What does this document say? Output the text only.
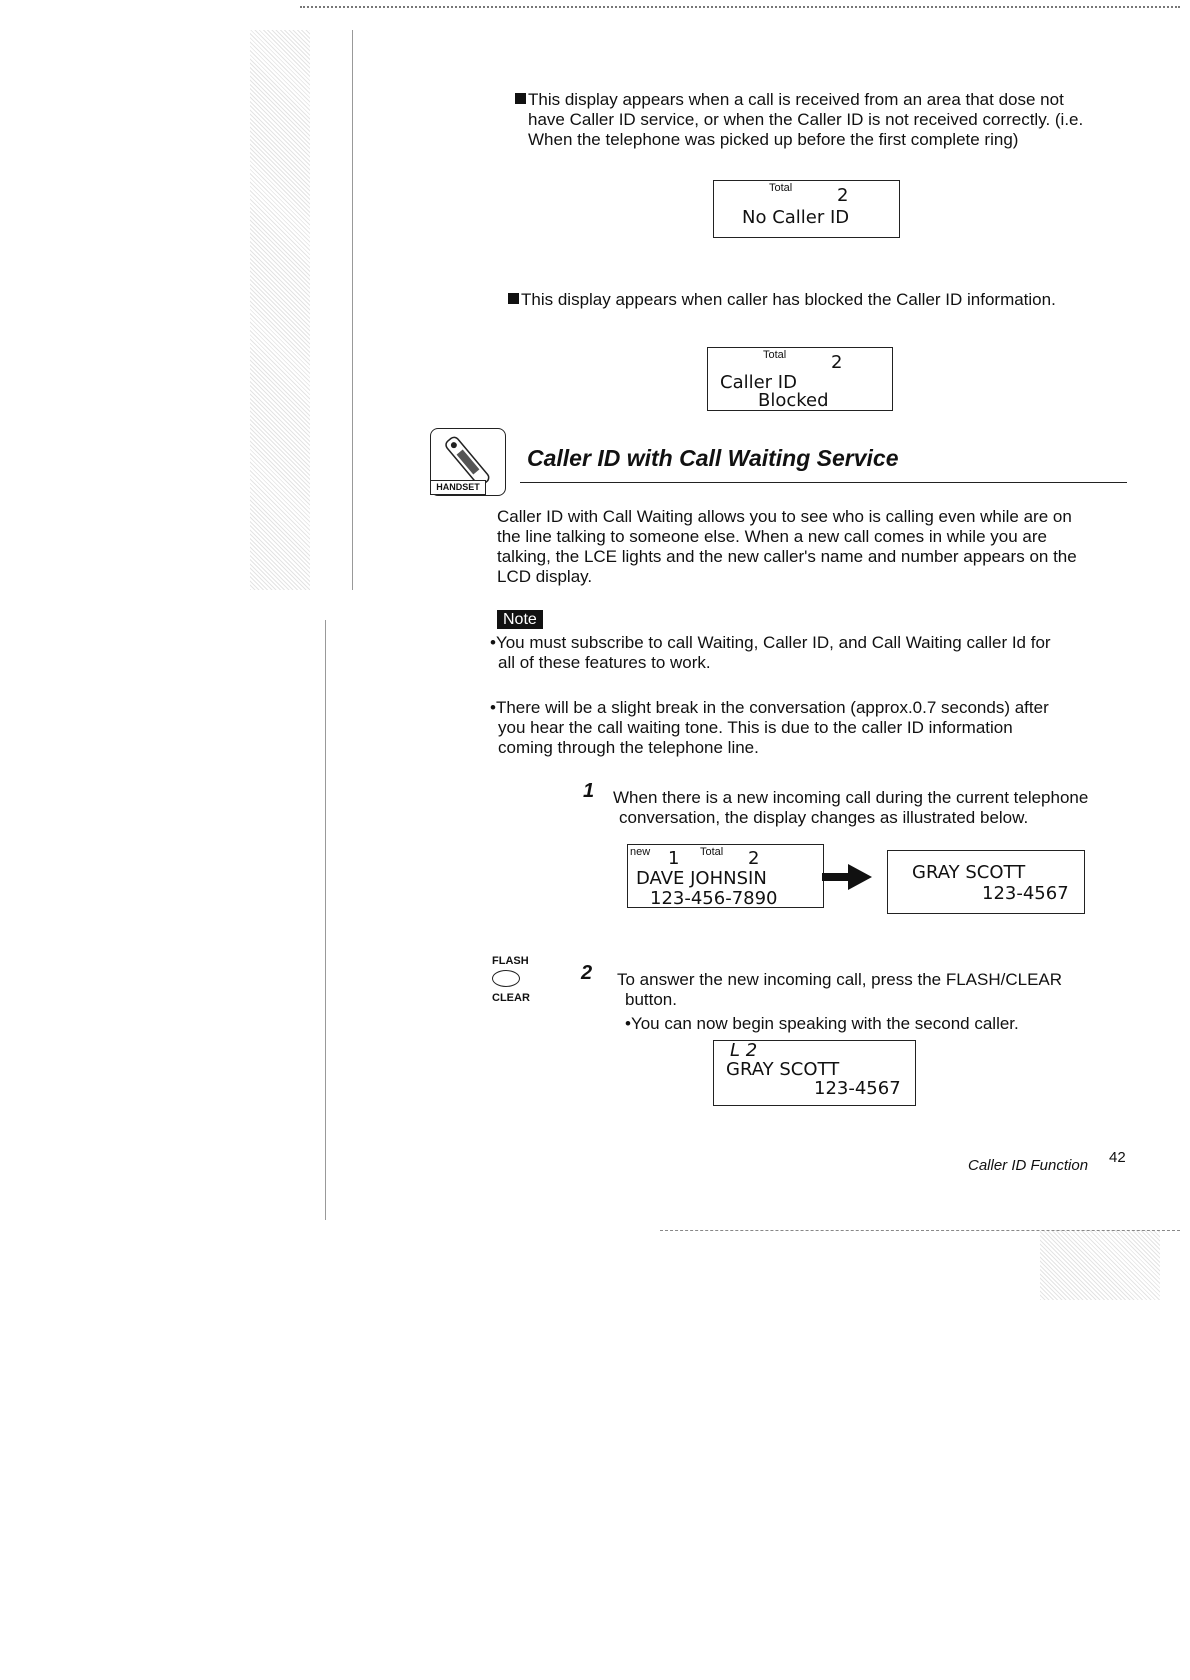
This display appears when a call is received from an area that dose not
have Caller ID service, or when the Caller ID is not received correctly. (i.e.
When the telephone was picked up before the first complete ring)
Total 2
No Caller ID
This display appears when caller has blocked the Caller ID information.
Total 2
Caller ID
Blocked
HANDSET
Caller ID with Call Waiting Service
Caller ID with Call Waiting allows you to see who is calling even while are on
the line talking to someone else. When a new call comes in while you are
talking, the LCE lights and the new caller's name and number appears on the
LCD display.
Note
•You must subscribe to call Waiting, Caller ID, and Call Waiting caller Id for
all of these features to work.
•There will be a slight break in the conversation (approx.0.7 seconds) after
you hear the call waiting tone. This is due to the caller ID information
coming through the telephone line.
1 When there is a new incoming call during the current telephone
conversation, the display changes as illustrated below.
new 1 Total 2
DAVE JOHNSIN
123-456-7890
GRAY SCOTT
123-4567
FLASH
CLEAR
2 To answer the new incoming call, press the FLASH/CLEAR
button.
•You can now begin speaking with the second caller.
L 2
GRAY SCOTT
123-4567
Caller ID Function 42
